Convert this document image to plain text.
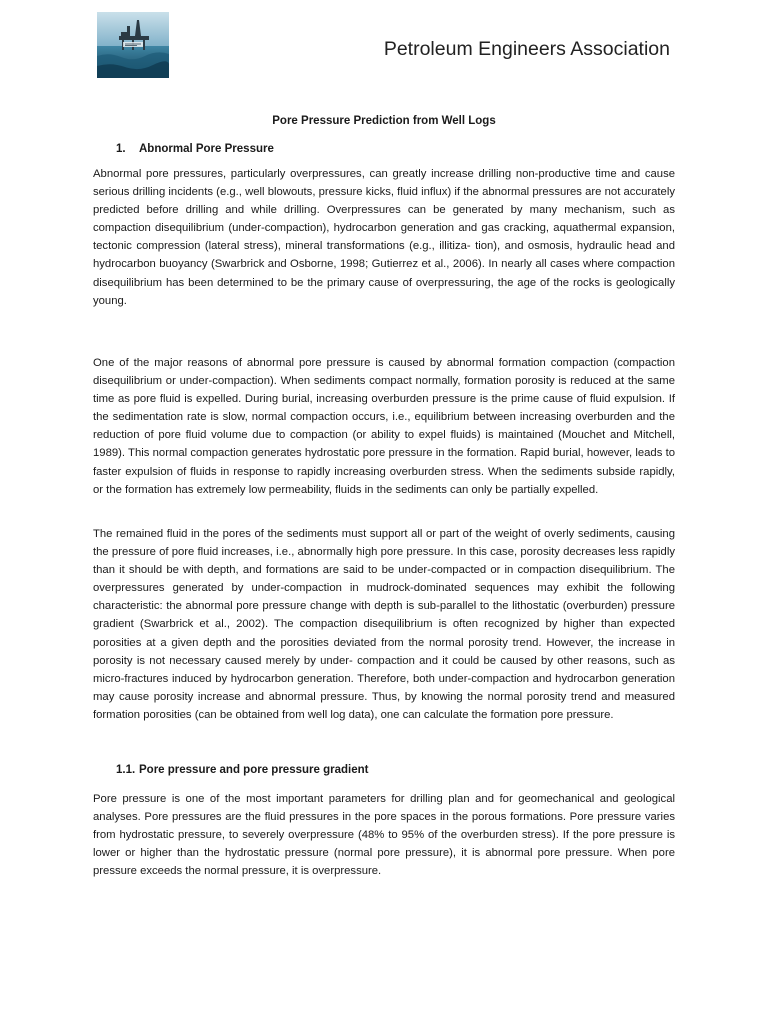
Petroleum Engineers Association
Pore Pressure Prediction from Well Logs
1. Abnormal Pore Pressure

Abnormal pore pressures, particularly overpressures, can greatly increase drilling non-productive time and cause serious drilling incidents (e.g., well blowouts, pressure kicks, fluid influx) if the abnormal pressures are not accurately predicted before drilling and while drilling. Overpressures can be generated by many mechanism, such as compaction disequilibrium (under-compaction), hydrocarbon generation and gas cracking, aquathermal expansion, tectonic compression (lateral stress), mineral transformations (e.g., illitiza- tion), and osmosis, hydraulic head and hydrocarbon buoyancy (Swarbrick and Osborne, 1998; Gutierrez et al., 2006). In nearly all cases where compaction disequilibrium has been determined to be the primary cause of overpressuring, the age of the rocks is geologically young.

One of the major reasons of abnormal pore pressure is caused by abnormal formation compaction (compaction disequilibrium or under-compaction). When sediments compact normally, formation porosity is reduced at the same time as pore fluid is expelled. During burial, increasing overburden pressure is the prime cause of fluid expulsion. If the sedimentation rate is slow, normal compaction occurs, i.e., equilibrium between increasing overburden and the reduction of pore fluid volume due to compaction (or ability to expel fluids) is maintained (Mouchet and Mitchell, 1989). This normal compaction generates hydrostatic pore pressure in the formation. Rapid burial, however, leads to faster expulsion of fluids in response to rapidly increasing overburden stress. When the sediments subside rapidly, or the formation has extremely low permeability, fluids in the sediments can only be partially expelled.

The remained fluid in the pores of the sediments must support all or part of the weight of overly sediments, causing the pressure of pore fluid increases, i.e., abnormally high pore pressure. In this case, porosity decreases less rapidly than it should be with depth, and formations are said to be under-compacted or in compaction disequilibrium. The overpressures generated by under-compaction in mudrock-dominated sequences may exhibit the following characteristic: the abnormal pore pressure change with depth is sub-parallel to the lithostatic (overburden) pressure gradient (Swarbrick et al., 2002). The compaction disequilibrium is often recognized by higher than expected porosities at a given depth and the porosities deviated from the normal porosity trend. However, the increase in porosity is not necessary caused merely by under- compaction and it could be caused by other reasons, such as micro-fractures induced by hydrocarbon generation. Therefore, both under-compaction and hydrocarbon generation may cause porosity increase and abnormal pressure. Thus, by knowing the normal porosity trend and measured formation porosities (can be obtained from well log data), one can calculate the formation pore pressure.

1.1. Pore pressure and pore pressure gradient

Pore pressure is one of the most important parameters for drilling plan and for geomechanical and geological analyses. Pore pressures are the fluid pressures in the pore spaces in the porous formations. Pore pressure varies from hydrostatic pressure, to severely overpressure (48% to 95% of the overburden stress). If the pore pressure is lower or higher than the hydrostatic pressure (normal pore pressure), it is abnormal pore pressure. When pore pressure exceeds the normal pressure, it is overpressure.
